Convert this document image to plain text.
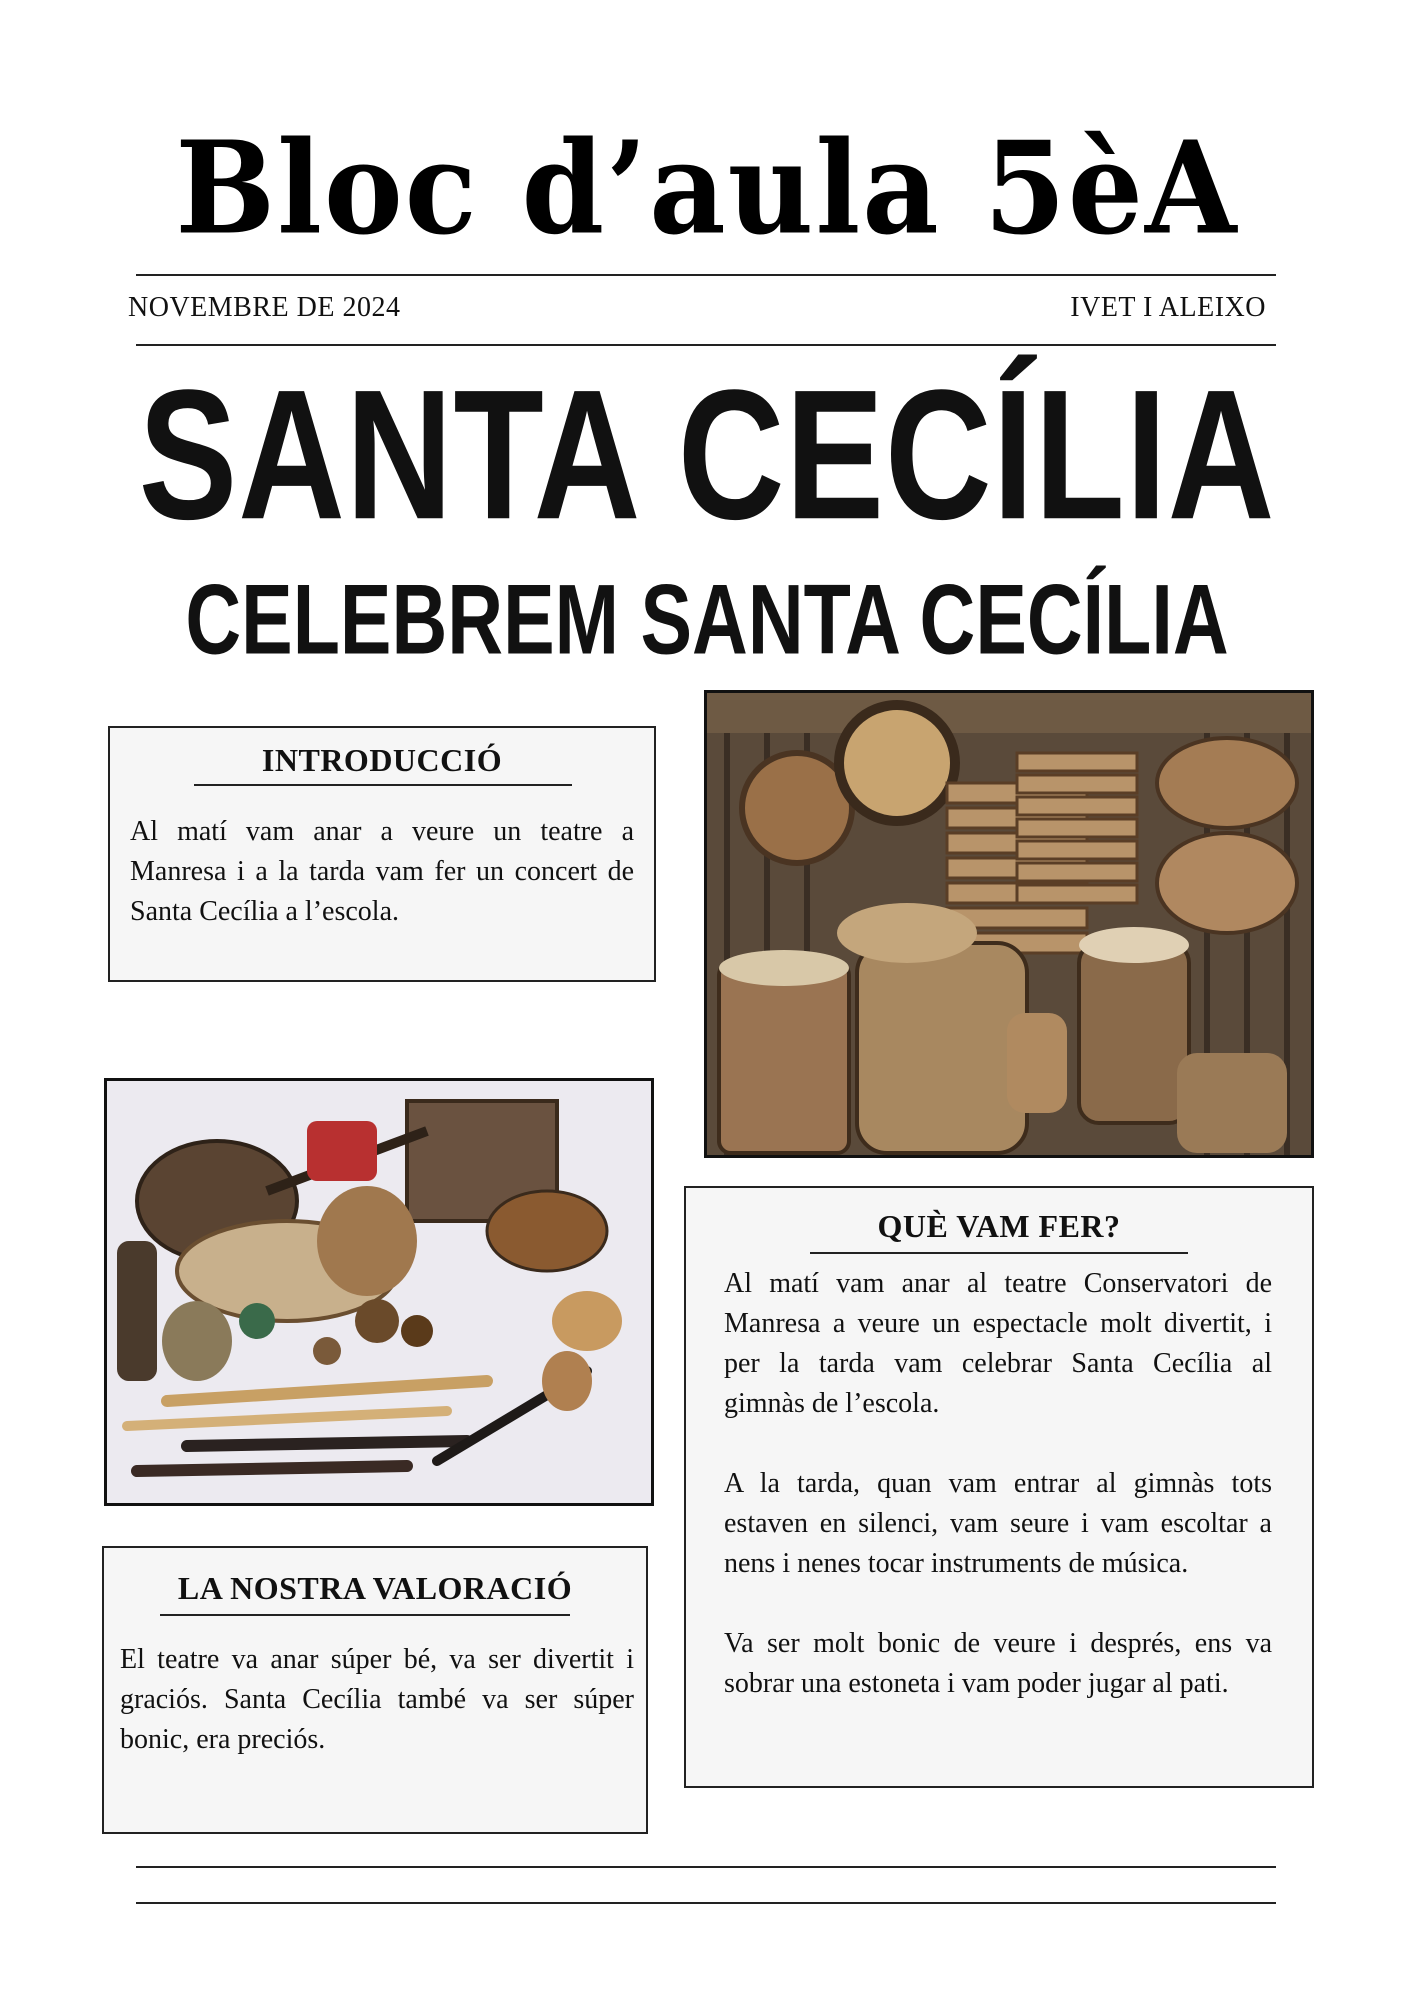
Bloc d’aula 5èA
NOVEMBRE DE 2024	IVET I ALEIXO
SANTA CECÍLIA
CELEBREM SANTA CECÍLIA
INTRODUCCIÓ
Al matí vam anar a veure un teatre a Manresa i a la tarda vam fer un concert de Santa Cecília a l’escola.
QUÈ VAM FER?
Al matí vam anar al teatre Conservatori de Manresa a veure un espectacle molt divertit, i per la tarda vam celebrar Santa Cecília al gimnàs de l’escola.
A la tarda, quan vam entrar al gimnàs tots estaven en silenci, vam seure i vam escoltar a nens i nenes tocar instruments de música.
Va ser molt bonic de veure i després, ens va sobrar una estoneta i vam poder jugar al pati.
LA NOSTRA VALORACIÓ
El teatre va anar súper bé, va ser divertit i graciós. Santa Cecília també va ser súper bonic, era preciós.
